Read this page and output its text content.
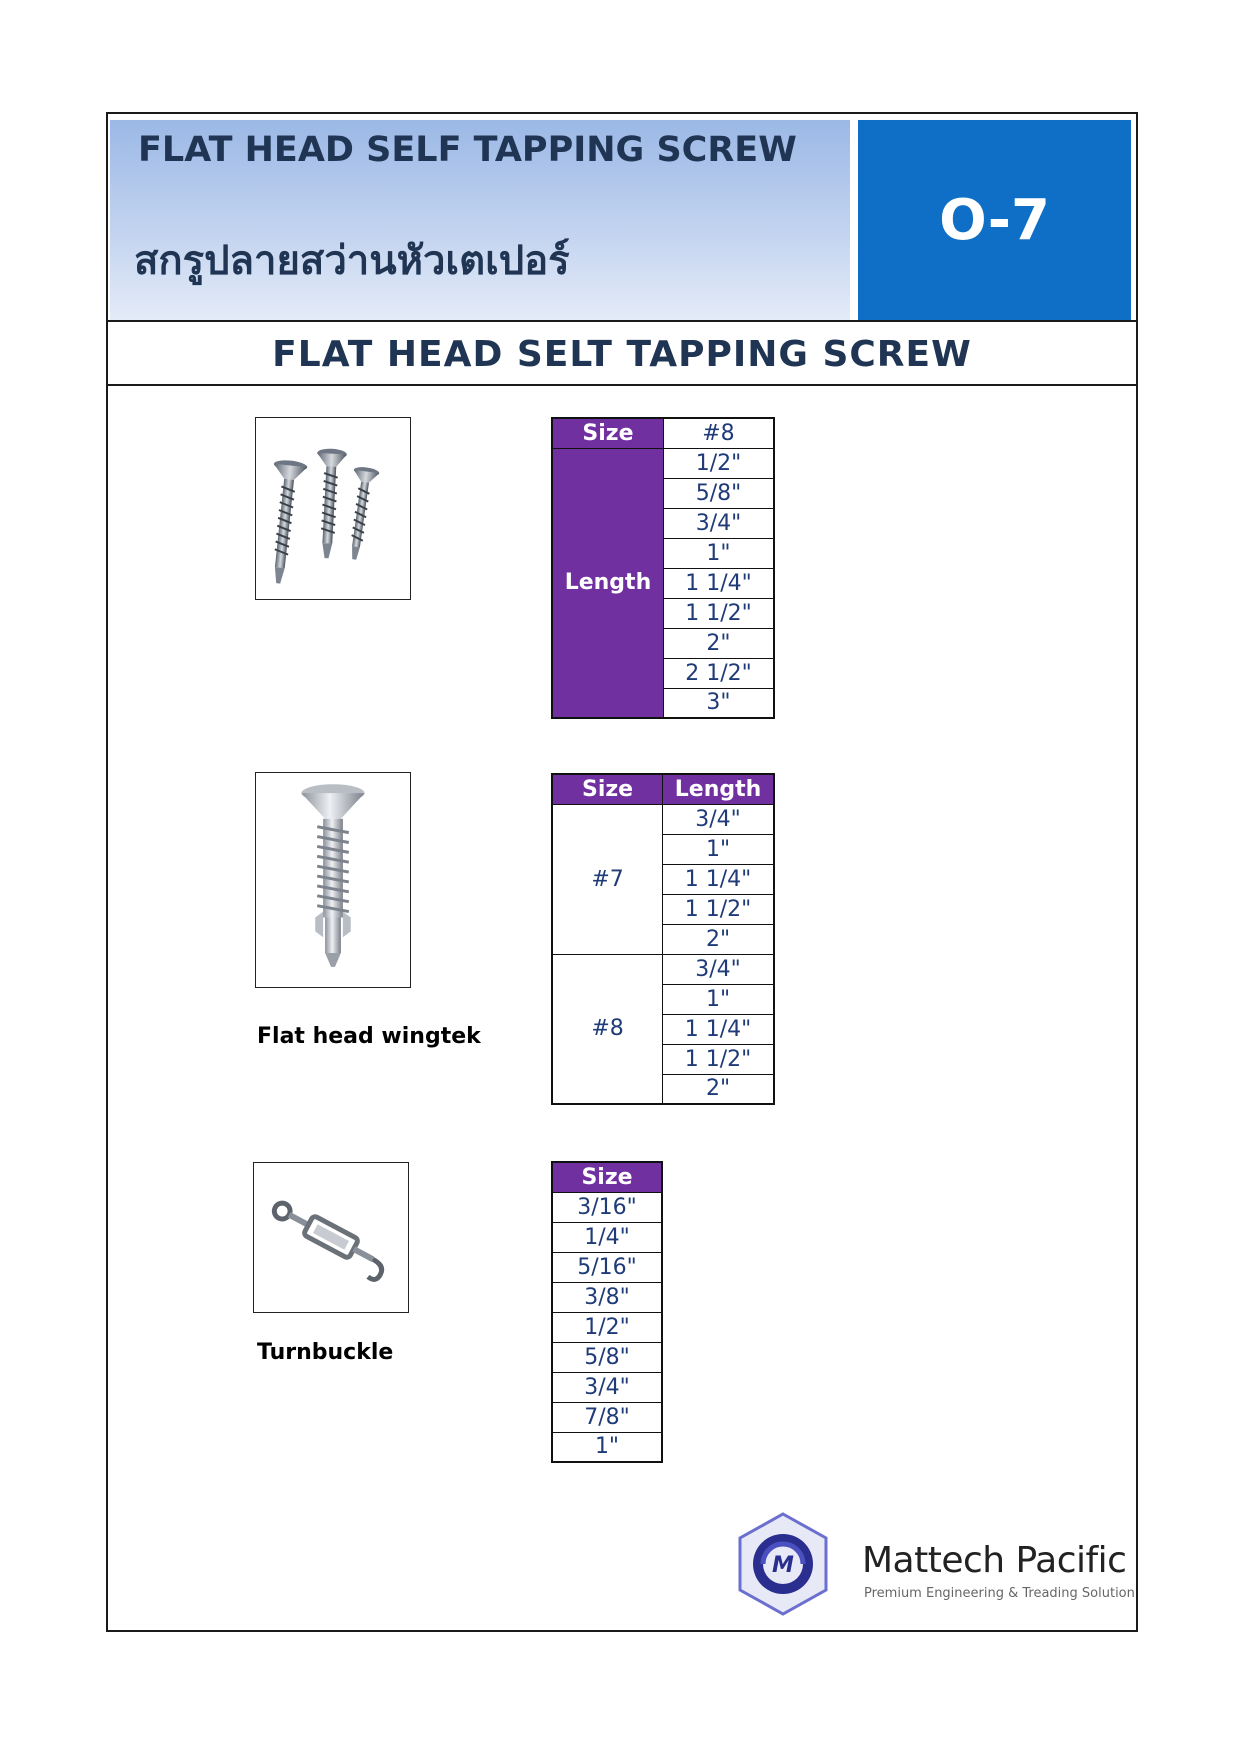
FLAT HEAD SELF TAPPING SCREW
สกรูปลายสว่านหัวเตเปอร์
O-7
FLAT HEAD SELT TAPPING SCREW
Size	#8
Length	1/2"
	5/8"
	3/4"
	1"
	1 1/4"
	1 1/2"
	2"
	2 1/2"
	3"
Flat head wingtek
Size	Length
#7	3/4"
	1"
	1 1/4"
	1 1/2"
	2"
#8	3/4"
	1"
	1 1/4"
	1 1/2"
	2"
Turnbuckle
Size
3/16"
1/4"
5/16"
3/8"
1/2"
5/8"
3/4"
7/8"
1"
M Mattech Pacific
Premium Engineering & Treading Solution
